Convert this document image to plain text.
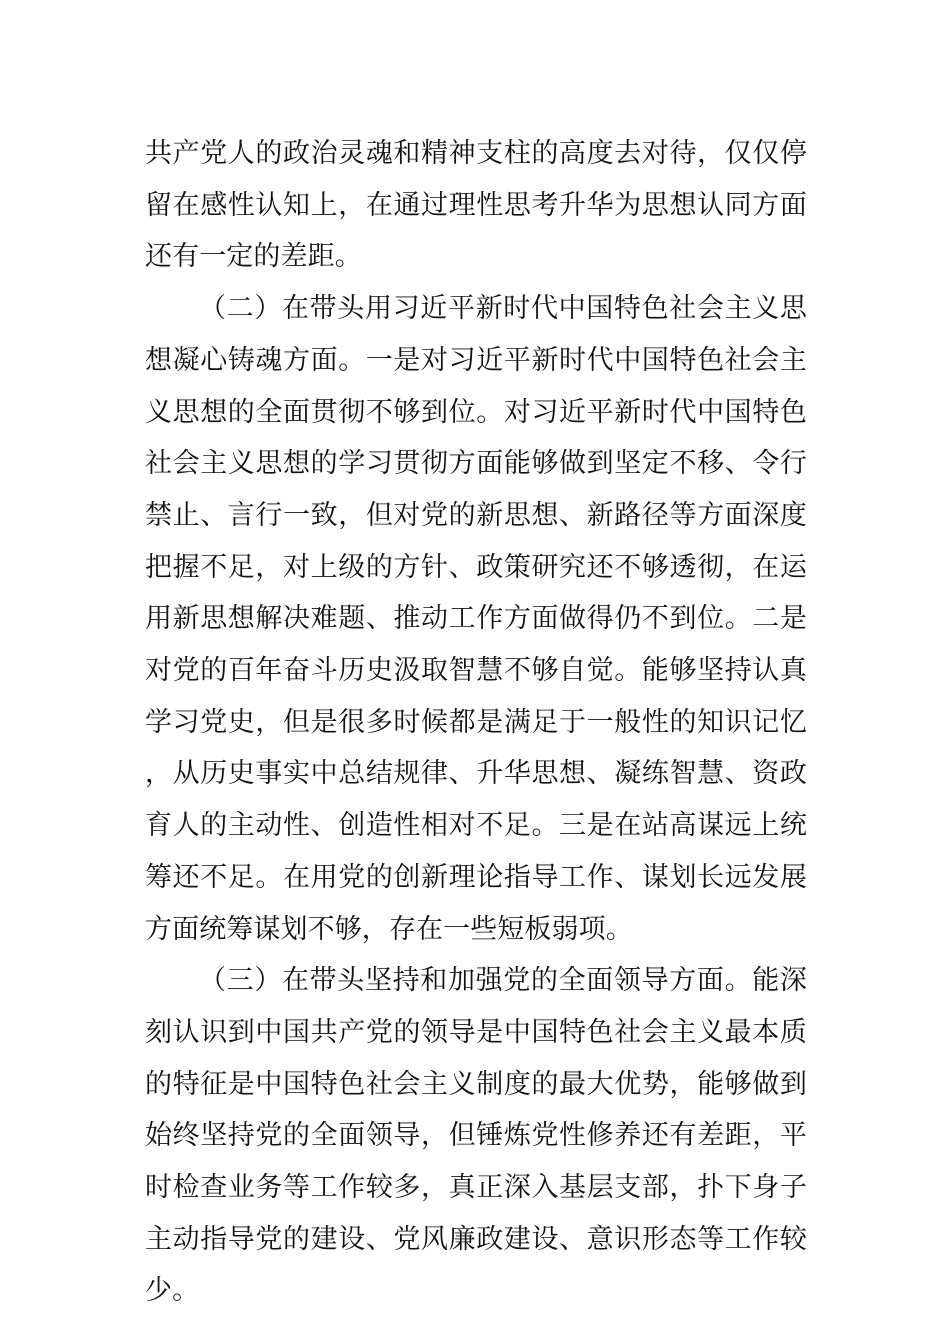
共产党人的政治灵魂和精神支柱的高度去对待，仅仅停留在感性认知上，在通过理性思考升华为思想认同方面还有一定的差距。

（二）在带头用习近平新时代中国特色社会主义思想凝心铸魂方面。一是对习近平新时代中国特色社会主义思想的全面贯彻不够到位。对习近平新时代中国特色社会主义思想的学习贯彻方面能够做到坚定不移、令行禁止、言行一致，但对党的新思想、新路径等方面深度把握不足，对上级的方针、政策研究还不够透彻，在运用新思想解决难题、推动工作方面做得仍不到位。二是对党的百年奋斗历史汲取智慧不够自觉。能够坚持认真学习党史，但是很多时候都是满足于一般性的知识记忆，从历史事实中总结规律、升华思想、凝练智慧、资政育人的主动性、创造性相对不足。三是在站高谋远上统筹还不足。在用党的创新理论指导工作、谋划长远发展方面统筹谋划不够，存在一些短板弱项。

（三）在带头坚持和加强党的全面领导方面。能深刻认识到中国共产党的领导是中国特色社会主义最本质的特征是中国特色社会主义制度的最大优势，能够做到始终坚持党的全面领导，但锤炼党性修养还有差距，平时检查业务等工作较多，真正深入基层支部，扑下身子主动指导党的建设、党风廉政建设、意识形态等工作较少。
